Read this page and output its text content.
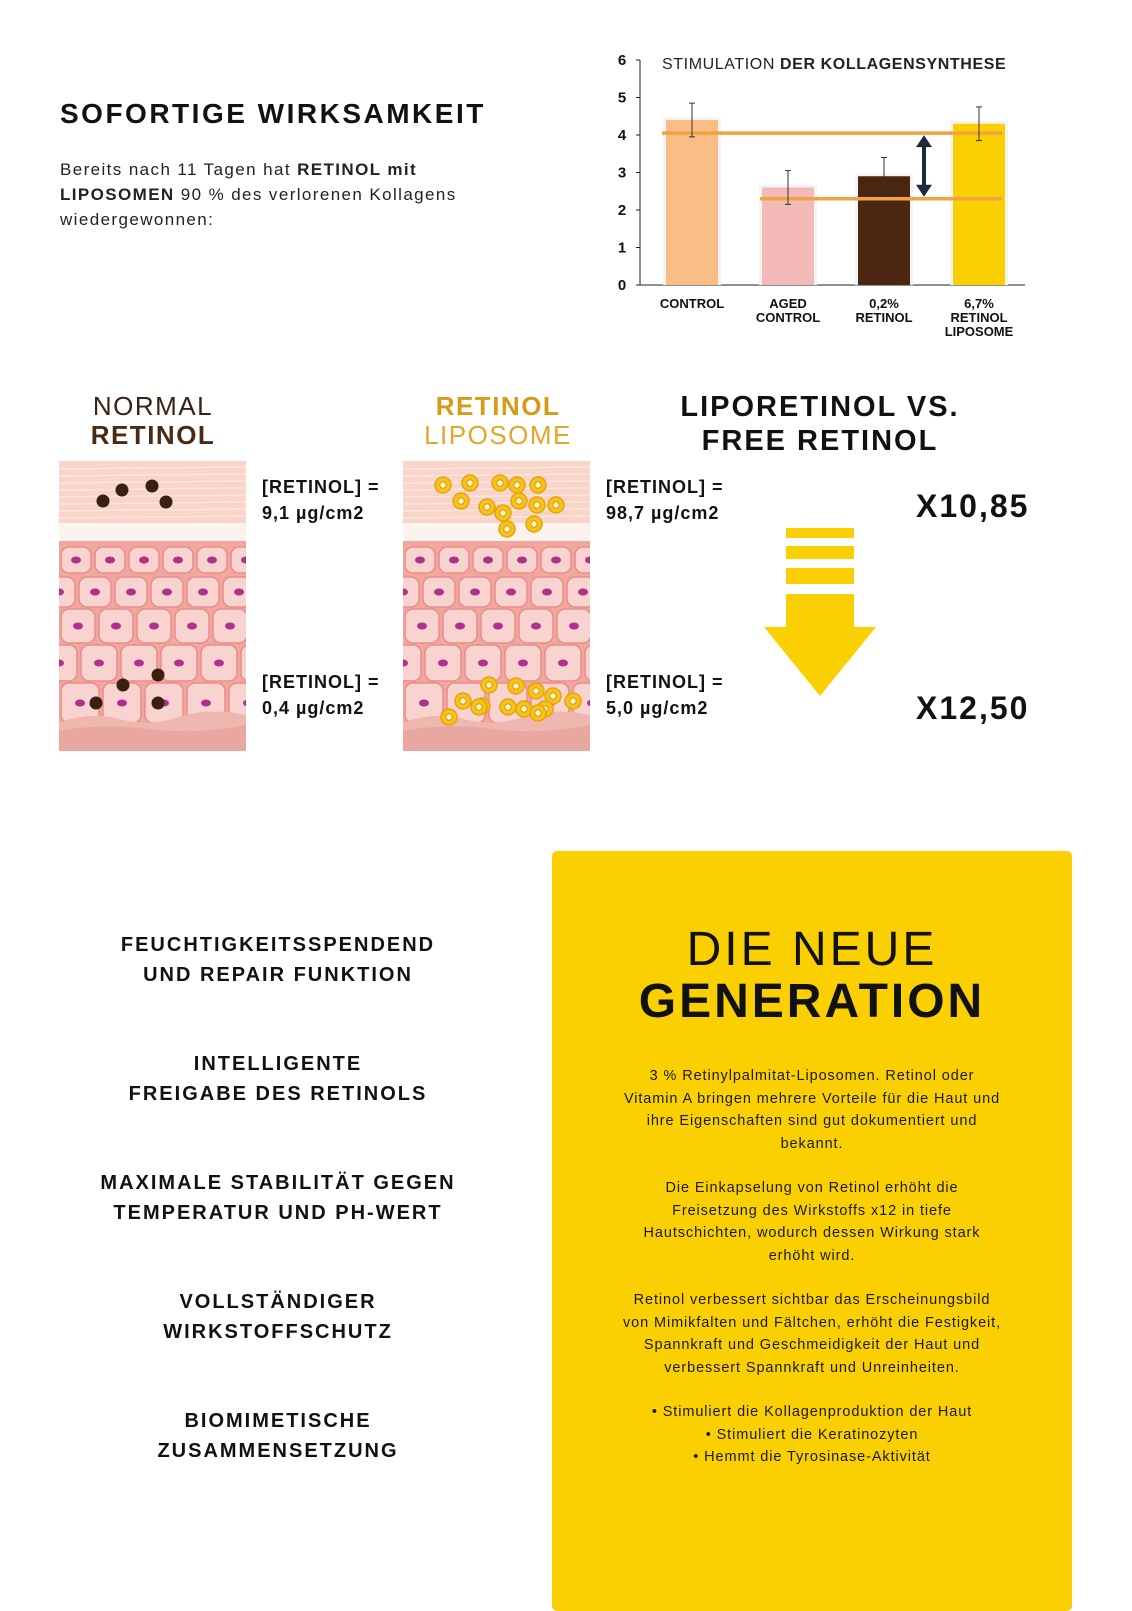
SOFORTIGE WIRKSAMKEIT

Bereits nach 11 Tagen hat RETINOL mit LIPOSOMEN 90 % des verlorenen Kollagens wiedergewonnen:

0
1
2
3
4
5
6 STIMULATION DER KOLLAGENSYNTHESE
CONTROL	AGED CONTROL
0,2% RETINOL
6,7% RETINOL LIPOSOME
NORMAL
RETINOL
RETINOL
LIPOSOME
[RETINOL] =
9,1 µg/cm2
[RETINOL] =
0,4 µg/cm2
[RETINOL] =
98,7 µg/cm2
[RETINOL] =
5,0 µg/cm2
LIPORETINOL VS.
FREE RETINOL
X10,85
X12,50
FEUCHTIGKEITSSPENDEND
UND REPAIR FUNKTION
INTELLIGENTE
FREIGABE DES RETINOLS
MAXIMALE STABILITÄT GEGEN
TEMPERATUR UND PH-WERT
VOLLSTÄNDIGER
WIRKSTOFFSCHUTZ
BIOMIMETISCHE
ZUSAMMENSETZUNG
DIE NEUE
GENERATION

3 % Retinylpalmitat-Liposomen. Retinol oder Vitamin A bringen mehrere Vorteile für die Haut und ihre Eigenschaften sind gut dokumentiert und bekannt.

Die Einkapselung von Retinol erhöht die Freisetzung des Wirkstoffs x12 in tiefe Hautschichten, wodurch dessen Wirkung stark erhöht wird.

Retinol verbessert sichtbar das Erscheinungsbild von Mimikfalten und Fältchen, erhöht die Festigkeit, Spannkraft und Geschmeidigkeit der Haut und verbessert Spannkraft und Unreinheiten.

• Stimuliert die Kollagenproduktion der Haut
• Stimuliert die Keratinozyten
• Hemmt die Tyrosinase-Aktivität
